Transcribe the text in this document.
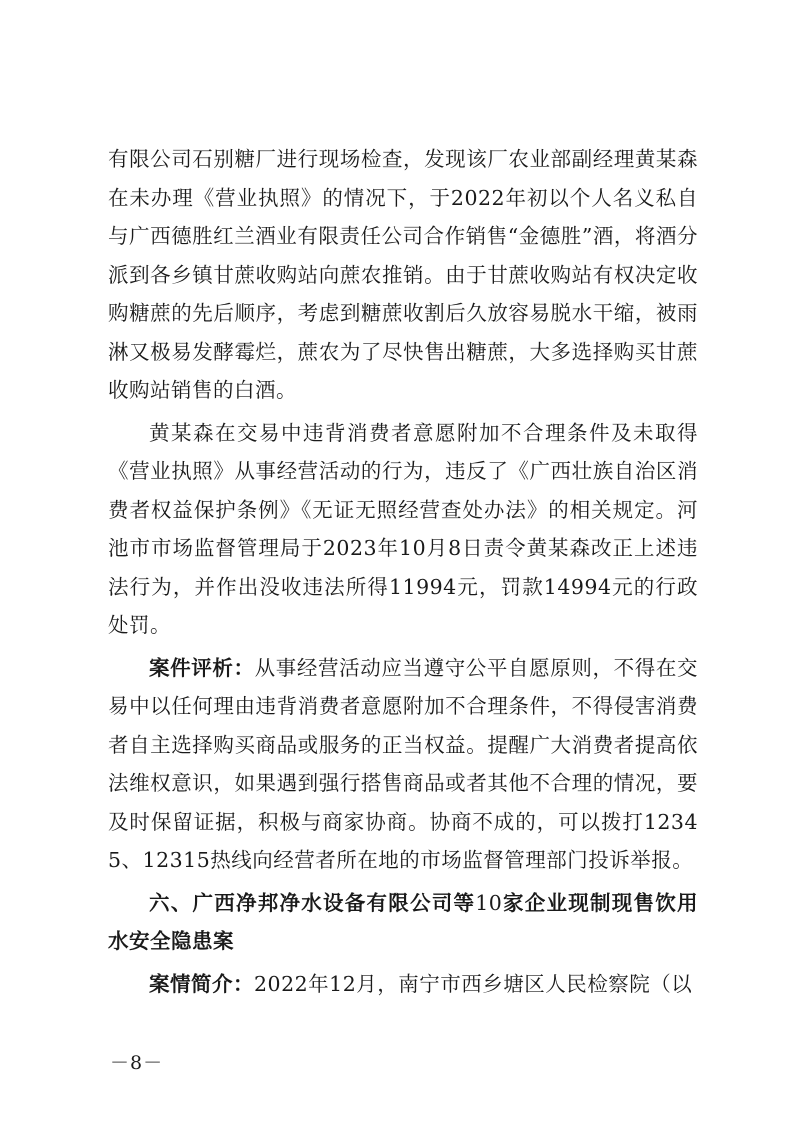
有限公司石别糖厂进行现场检查，发现该厂农业部副经理黄某森在未办理《营业执照》的情况下，于2022年初以个人名义私自与广西德胜红兰酒业有限责任公司合作销售“金德胜”酒，将酒分派到各乡镇甘蔗收购站向蔗农推销。由于甘蔗收购站有权决定收购糖蔗的先后顺序，考虑到糖蔗收割后久放容易脱水干缩，被雨淋又极易发酵霉烂，蔗农为了尽快售出糖蔗，大多选择购买甘蔗收购站销售的白酒。

黄某森在交易中违背消费者意愿附加不合理条件及未取得《营业执照》从事经营活动的行为，违反了《广西壮族自治区消费者权益保护条例》《无证无照经营查处办法》的相关规定。河池市市场监督管理局于2023年10月8日责令黄某森改正上述违法行为，并作出没收违法所得11994元，罚款14994元的行政处罚。

案件评析：从事经营活动应当遵守公平自愿原则，不得在交易中以任何理由违背消费者意愿附加不合理条件，不得侵害消费者自主选择购买商品或服务的正当权益。提醒广大消费者提高依法维权意识，如果遇到强行搭售商品或者其他不合理的情况，要及时保留证据，积极与商家协商。协商不成的，可以拨打12345、12315热线向经营者所在地的市场监督管理部门投诉举报。

六、广西净邦净水设备有限公司等10家企业现制现售饮用水安全隐患案

案情简介：2022年12月，南宁市西乡塘区人民检察院（以

－8－
